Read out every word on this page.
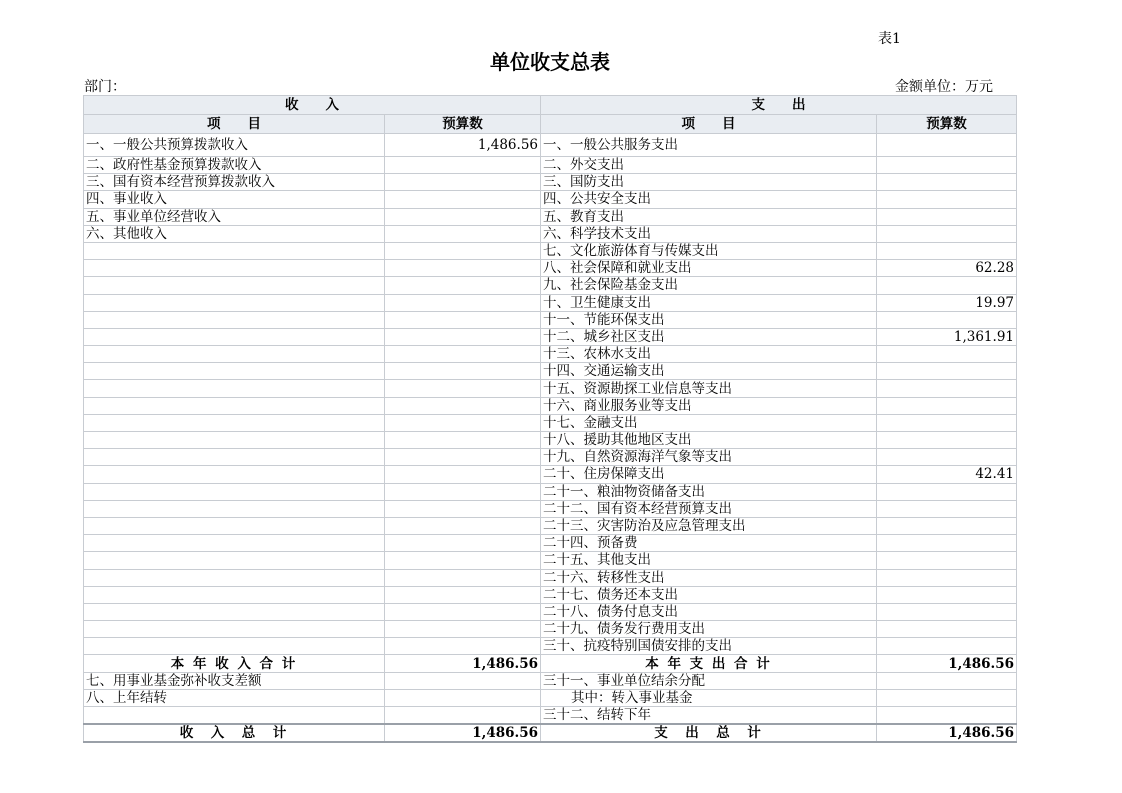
表1
单位收支总表
部门：	金额单位：万元
收　　入		支　　出	
项　　目	预算数	项　　目	预算数
一、一般公共预算拨款收入	1,486.56	一、一般公共服务支出	
二、政府性基金预算拨款收入		二、外交支出	
三、国有资本经营预算拨款收入		三、国防支出	
四、事业收入		四、公共安全支出	
五、事业单位经营收入		五、教育支出	
六、其他收入		六、科学技术支出	
		七、文化旅游体育与传媒支出	
		八、社会保障和就业支出	62.28
		九、社会保险基金支出	
		十、卫生健康支出	19.97
		十一、节能环保支出	
		十二、城乡社区支出	1,361.91
		十三、农林水支出	
		十四、交通运输支出	
		十五、资源勘探工业信息等支出	
		十六、商业服务业等支出	
		十七、金融支出	
		十八、援助其他地区支出	
		十九、自然资源海洋气象等支出	
		二十、住房保障支出	42.41
		二十一、粮油物资储备支出	
		二十二、国有资本经营预算支出	
		二十三、灾害防治及应急管理支出	
		二十四、预备费	
		二十五、其他支出	
		二十六、转移性支出	
		二十七、债务还本支出	
		二十八、债务付息支出	
		二十九、债务发行费用支出	
		三十、抗疫特别国债安排的支出	
本 年 收 入 合 计	1,486.56	本 年 支 出 合 计	1,486.56
七、用事业基金弥补收支差额		三十一、事业单位结余分配	
八、上年结转		其中：转入事业基金	
		三十二、结转下年	
收　入　总　计	1,486.56	支　出　总　计	1,486.56
